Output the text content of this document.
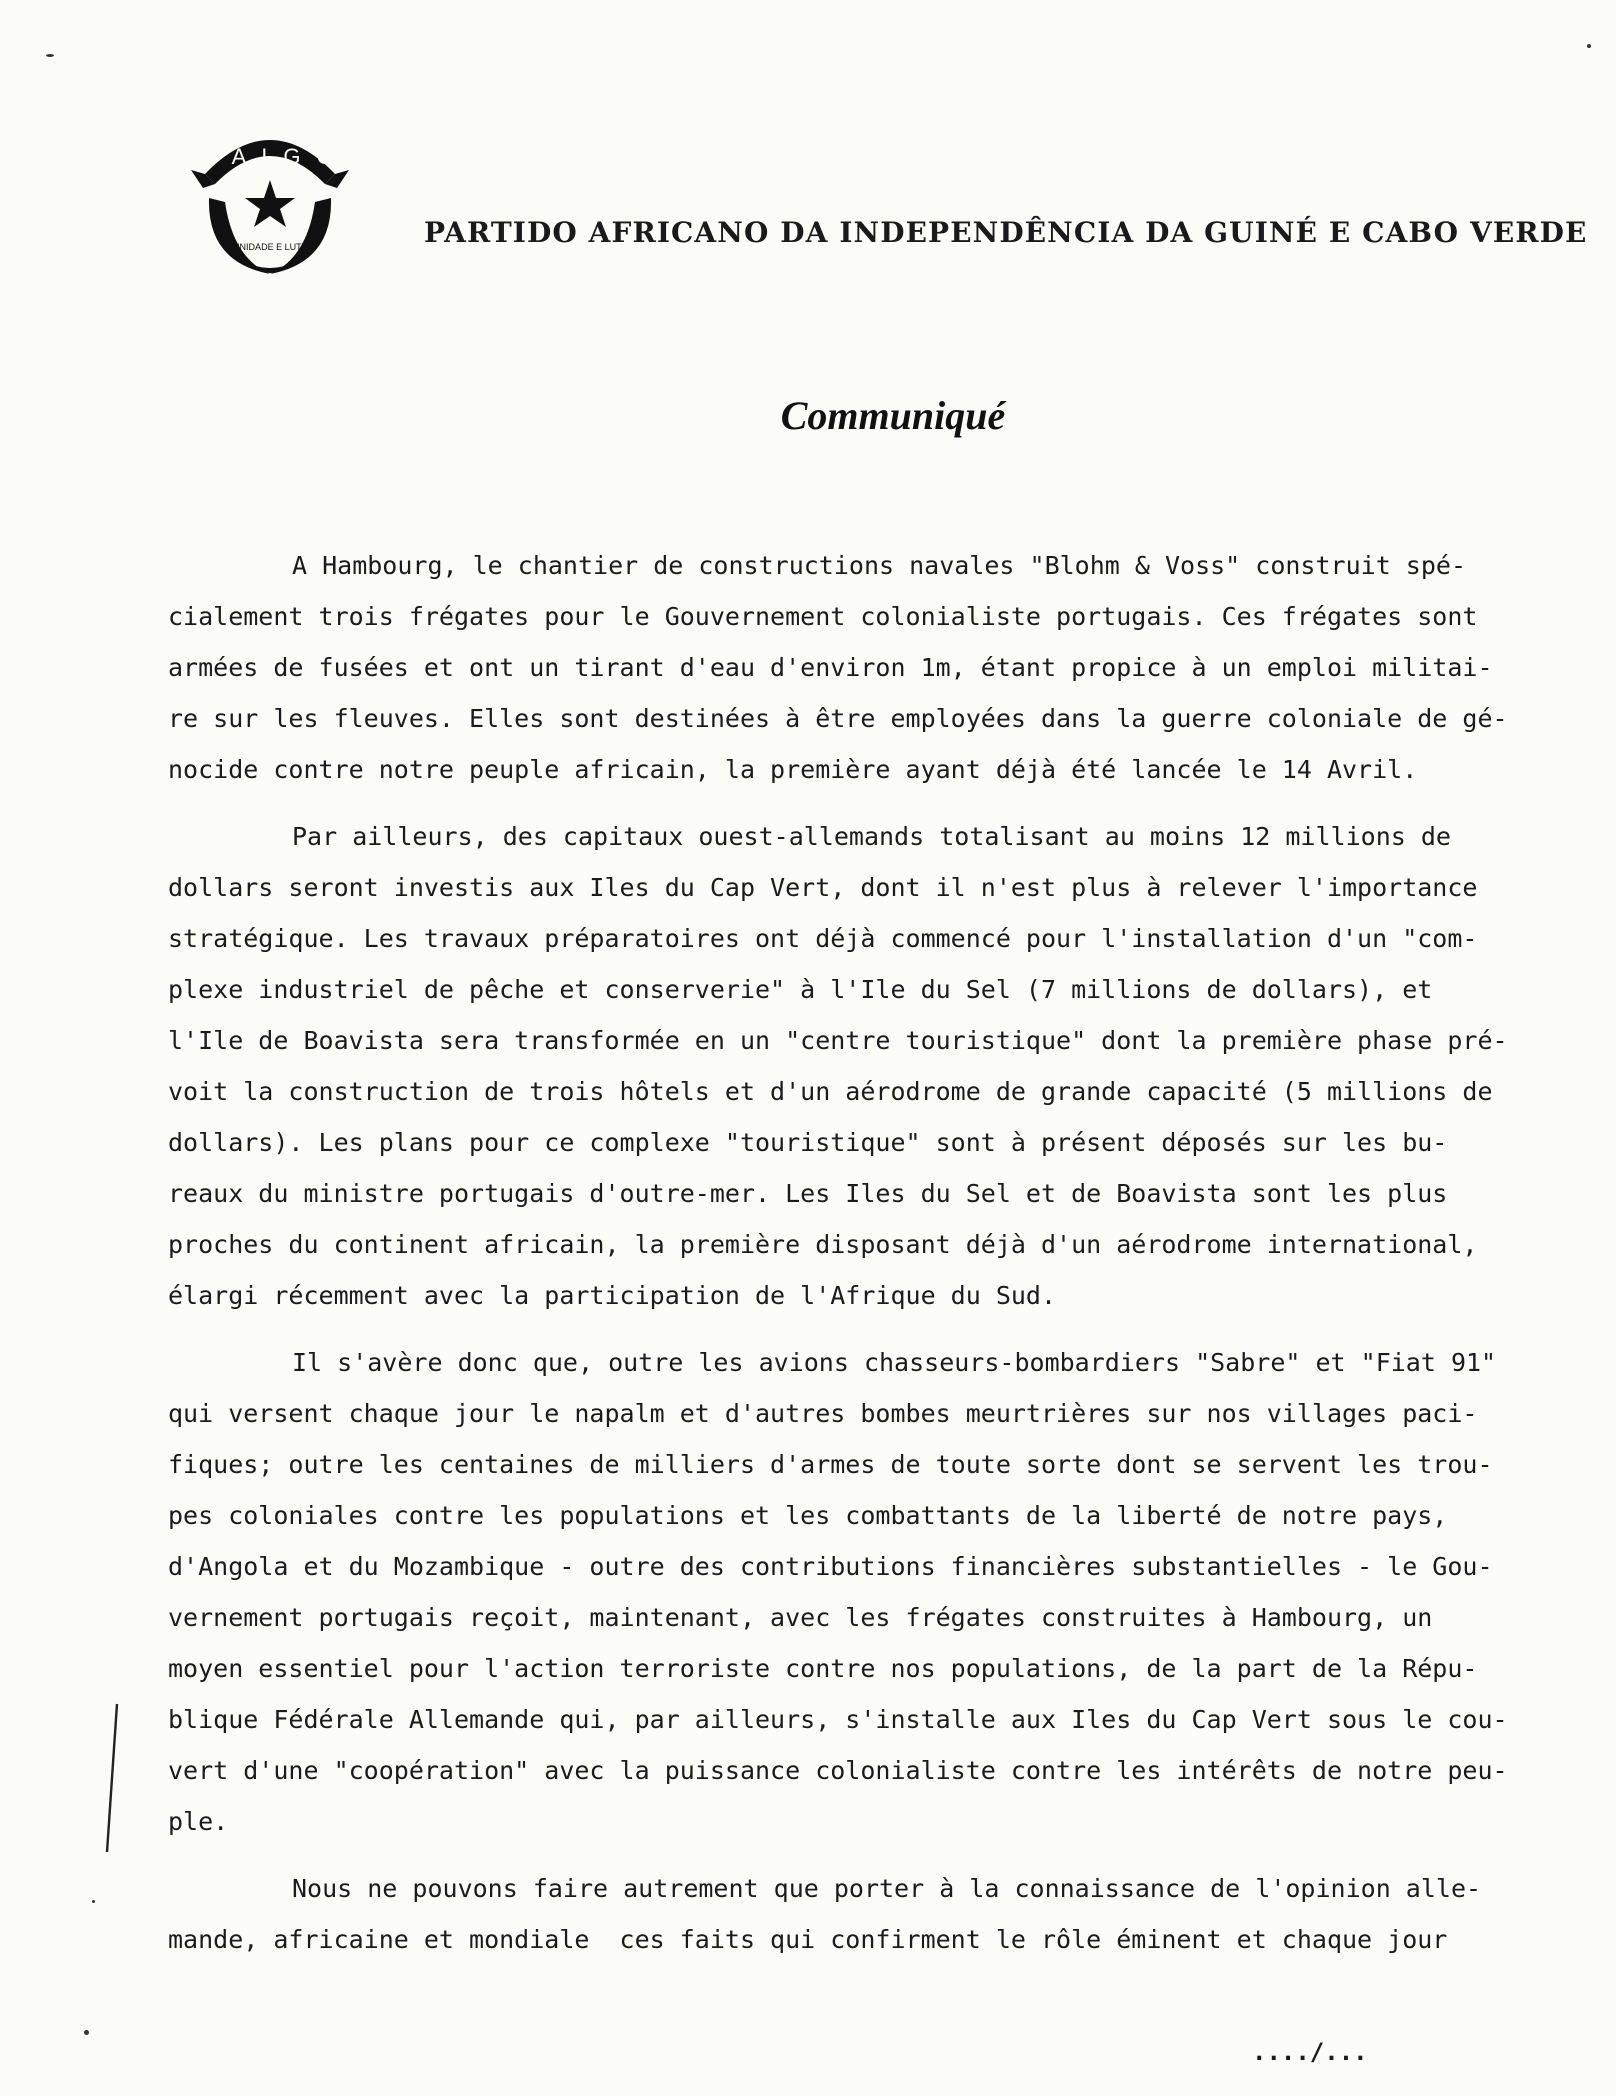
P A I G C
UNIDADE E LUTA	PARTIDO AFRICANO DA INDEPENDÊNCIA DA GUINÉ E CABO VERDE
Communiqué
A Hambourg, le chantier de constructions navales "Blohm & Voss" construit spé-
cialement trois frégates pour le Gouvernement colonialiste portugais. Ces frégates sont
armées de fusées et ont un tirant d'eau d'environ 1m, étant propice à un emploi militai-
re sur les fleuves. Elles sont destinées à être employées dans la guerre coloniale de gé-
nocide contre notre peuple africain, la première ayant déjà été lancée le 14 Avril.
Par ailleurs, des capitaux ouest-allemands totalisant au moins 12 millions de
dollars seront investis aux Iles du Cap Vert, dont il n'est plus à relever l'importance
stratégique. Les travaux préparatoires ont déjà commencé pour l'installation d'un "com-
plexe industriel de pêche et conserverie" à l'Ile du Sel (7 millions de dollars), et
l'Ile de Boavista sera transformée en un "centre touristique" dont la première phase pré-
voit la construction de trois hôtels et d'un aérodrome de grande capacité (5 millions de
dollars). Les plans pour ce complexe "touristique" sont à présent déposés sur les bu-
reaux du ministre portugais d'outre-mer. Les Iles du Sel et de Boavista sont les plus
proches du continent africain, la première disposant déjà d'un aérodrome international,
élargi récemment avec la participation de l'Afrique du Sud.
Il s'avère donc que, outre les avions chasseurs-bombardiers "Sabre" et "Fiat 91"
qui versent chaque jour le napalm et d'autres bombes meurtrières sur nos villages paci-
fiques; outre les centaines de milliers d'armes de toute sorte dont se servent les trou-
pes coloniales contre les populations et les combattants de la liberté de notre pays,
d'Angola et du Mozambique - outre des contributions financières substantielles - le Gou-
vernement portugais reçoit, maintenant, avec les frégates construites à Hambourg, un
moyen essentiel pour l'action terroriste contre nos populations, de la part de la Répu-
blique Fédérale Allemande qui, par ailleurs, s'installe aux Iles du Cap Vert sous le cou-
vert d'une "coopération" avec la puissance colonialiste contre les intérêts de notre peu-
ple.
Nous ne pouvons faire autrement que porter à la connaissance de l'opinion alle-
mande, africaine et mondiale  ces faits qui confirment le rôle éminent et chaque jour
..../...
